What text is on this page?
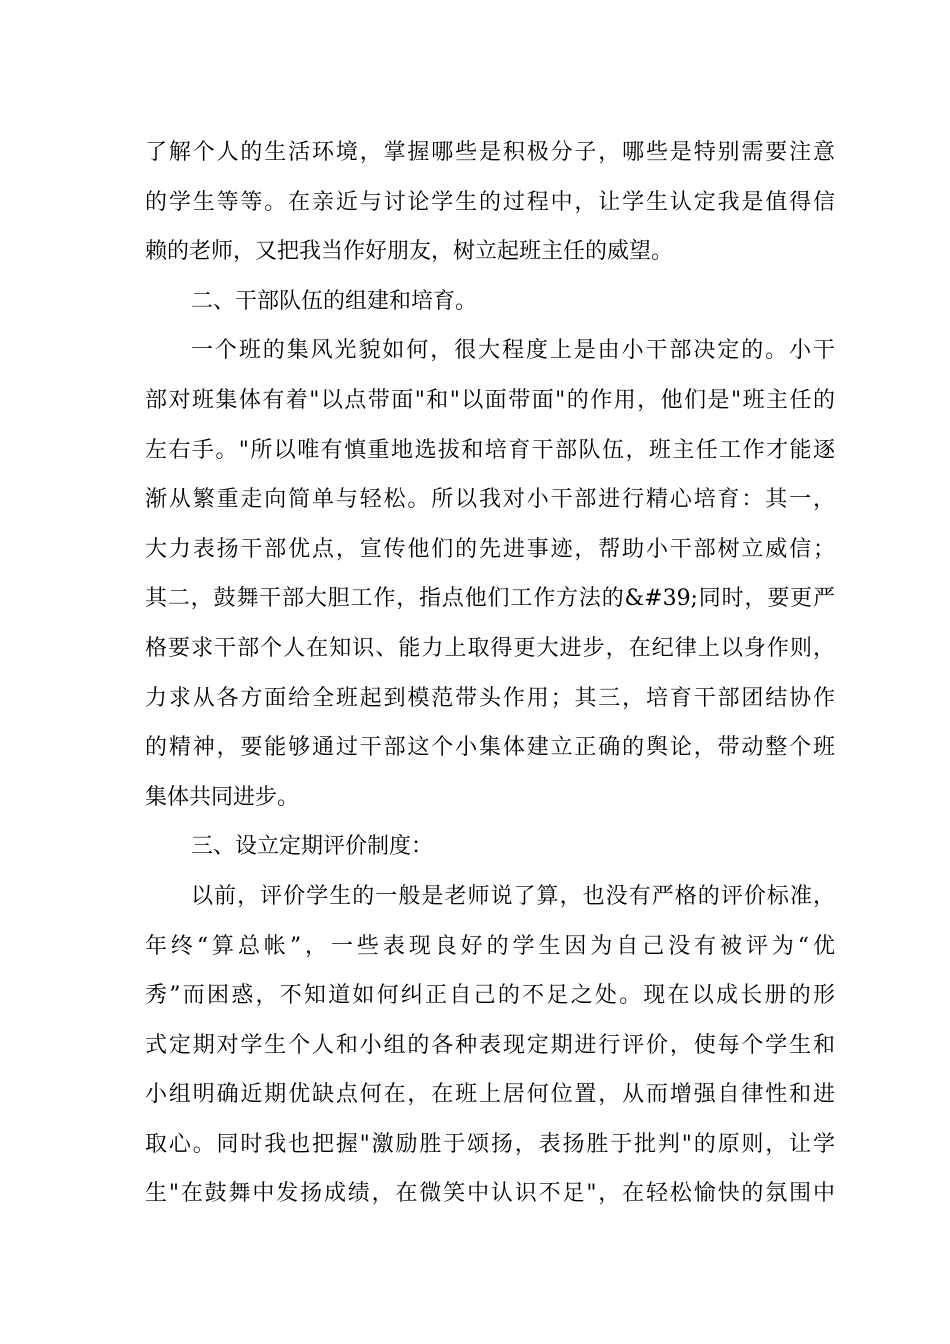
了解个人的生活环境，掌握哪些是积极分子，哪些是特别需要注意
的学生等等。在亲近与讨论学生的过程中，让学生认定我是值得信
赖的老师，又把我当作好朋友，树立起班主任的威望。
二、干部队伍的组建和培育。
一个班的集风光貌如何，很大程度上是由小干部决定的。小干
部对班集体有着"以点带面"和"以面带面"的作用，他们是"班主任的
左右手。"所以唯有慎重地选拔和培育干部队伍，班主任工作才能逐
渐从繁重走向简单与轻松。所以我对小干部进行精心培育：其一，
大力表扬干部优点，宣传他们的先进事迹，帮助小干部树立威信；
其二，鼓舞干部大胆工作，指点他们工作方法的&#39;同时，要更严
格要求干部个人在知识、能力上取得更大进步，在纪律上以身作则，
力求从各方面给全班起到模范带头作用；其三，培育干部团结协作
的精神，要能够通过干部这个小集体建立正确的舆论，带动整个班
集体共同进步。
三、设立定期评价制度：
以前，评价学生的一般是老师说了算，也没有严格的评价标准，
年终“算总帐”，一些表现良好的学生因为自己没有被评为“优
秀”而困惑，不知道如何纠正自己的不足之处。现在以成长册的形
式定期对学生个人和小组的各种表现定期进行评价，使每个学生和
小组明确近期优缺点何在，在班上居何位置，从而增强自律性和进
取心。同时我也把握"激励胜于颂扬，表扬胜于批判"的原则，让学
生"在鼓舞中发扬成绩，在微笑中认识不足"，在轻松愉快的氛围中
